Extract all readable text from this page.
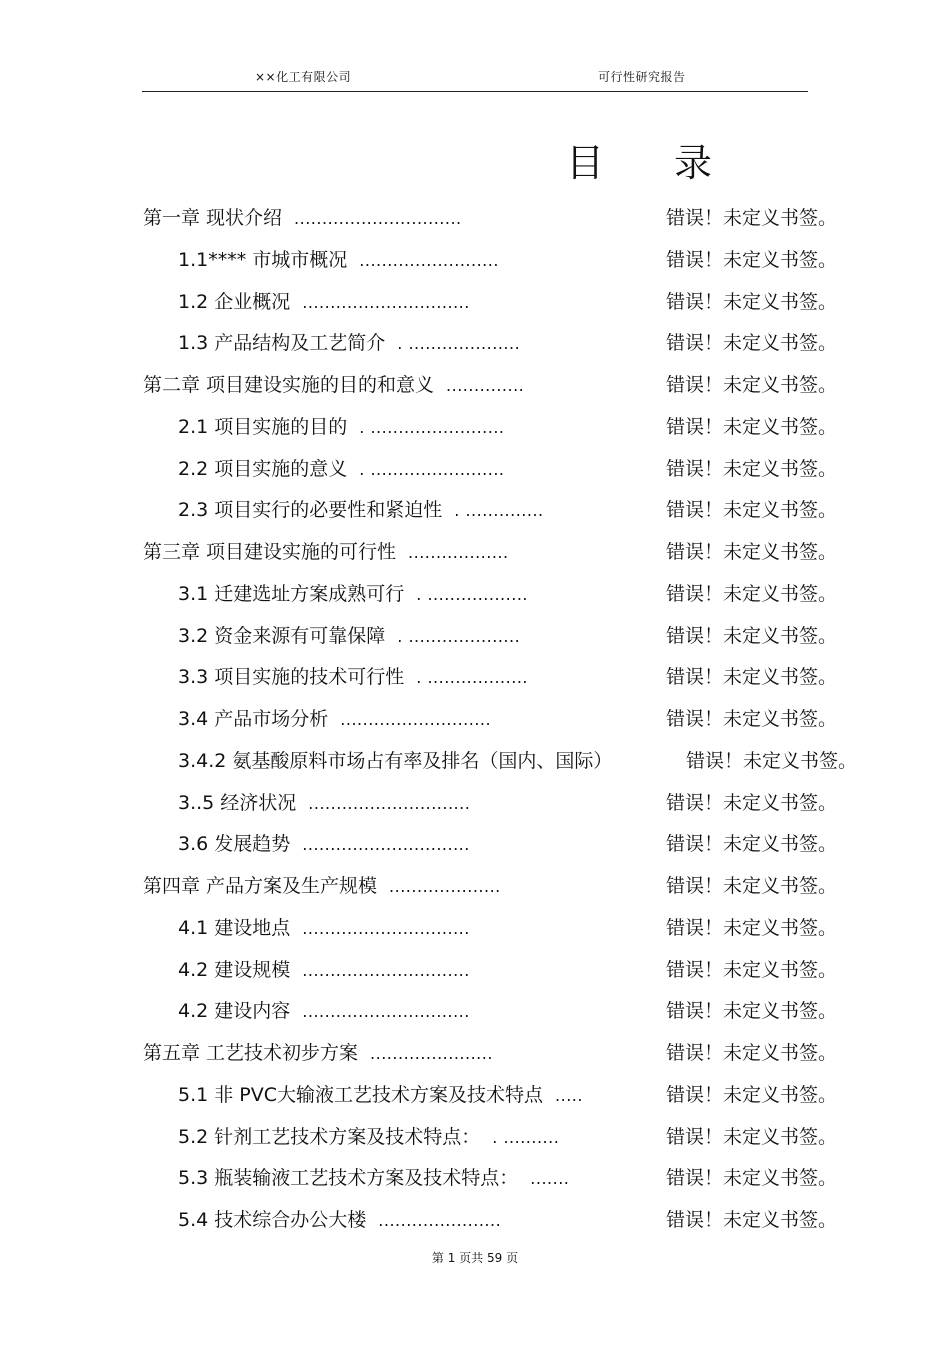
××化工有限公司	可行性研究报告
目录
第一章 现状介绍 ..............................	错误！未定义书签。
1.1**** 市城市概况 .........................	错误！未定义书签。
1.2 企业概况 ..............................	错误！未定义书签。
1.3 产品结构及工艺简介 . ....................	错误！未定义书签。
第二章 项目建设实施的目的和意义 ..............	错误！未定义书签。
2.1 项目实施的目的 . ........................	错误！未定义书签。
2.2 项目实施的意义 . ........................	错误！未定义书签。
2.3 项目实行的必要性和紧迫性 . ..............	错误！未定义书签。
第三章 项目建设实施的可行性 ..................	错误！未定义书签。
3.1 迁建选址方案成熟可行 . ..................	错误！未定义书签。
3.2 资金来源有可靠保障 . ....................	错误！未定义书签。
3.3 项目实施的技术可行性 . ..................	错误！未定义书签。
3.4 产品市场分析 ...........................	错误！未定义书签。
3.4.2 氨基酸原料市场占有率及排名（国内、国际）	错误！未定义书签。
3..5 经济状况 .............................	错误！未定义书签。
3.6 发展趋势 ..............................	错误！未定义书签。
第四章 产品方案及生产规模 ....................	错误！未定义书签。
4.1 建设地点 ..............................	错误！未定义书签。
4.2 建设规模 ..............................	错误！未定义书签。
4.2 建设内容 ..............................	错误！未定义书签。
第五章 工艺技术初步方案 ......................	错误！未定义书签。
5.1 非 PVC大输液工艺技术方案及技术特点 .....	错误！未定义书签。
5.2 针剂工艺技术方案及技术特点： . ..........	错误！未定义书签。
5.3 瓶装输液工艺技术方案及技术特点： .......	错误！未定义书签。
5.4 技术综合办公大楼 ......................	错误！未定义书签。
第 1 页共 59 页
